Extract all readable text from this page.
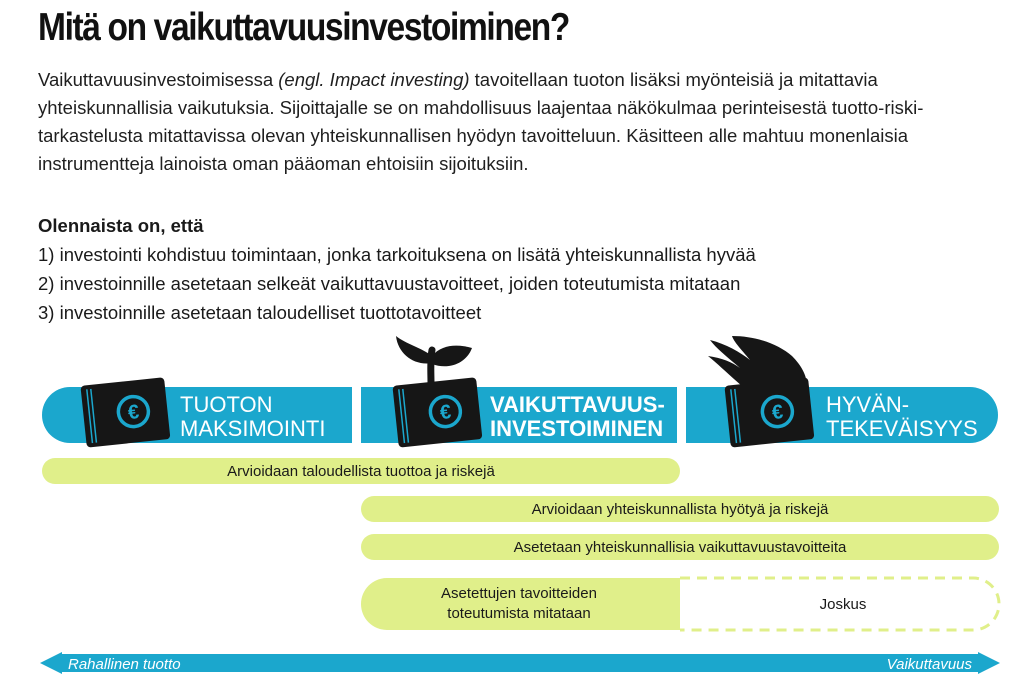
Mitä on vaikuttavuusinvestoiminen?

Vaikuttavuusinvestoimisessa (engl. Impact investing) tavoitellaan tuoton lisäksi myönteisiä ja mitattavia yhteiskunnallisia vaikutuksia. Sijoittajalle se on mahdollisuus laajentaa näkökulmaa perinteisestä tuotto-riski-tarkastelusta mitattavissa olevan yhteiskunnallisen hyödyn tavoitteluun. Käsitteen alle mahtuu monenlaisia instrumentteja lainoista oman pääoman ehtoisiin sijoituksiin.

Olennaista on, että

1) investointi kohdistuu toimintaan, jonka tarkoituksena on lisätä yhteiskunnallista hyvää
2) investoinnille asetetaan selkeät vaikuttavuustavoitteet, joiden toteutumista mitataan
3) investoinnille asetetaan taloudelliset tuottotavoitteet
€	€	€
TUOTON
MAKSIMOINTI
VAIKUTTAVUUS-
INVESTOIMINEN
HYVÄN-
TEKEVÄISYYS
Arvioidaan taloudellista tuottoa ja riskejä
Arvioidaan yhteiskunnallista hyötyä ja riskejä
Asetetaan yhteiskunnallisia vaikuttavuustavoitteita
Asetettujen tavoitteiden
toteutumista mitataan
Joskus
Rahallinen tuotto	Vaikuttavuus
